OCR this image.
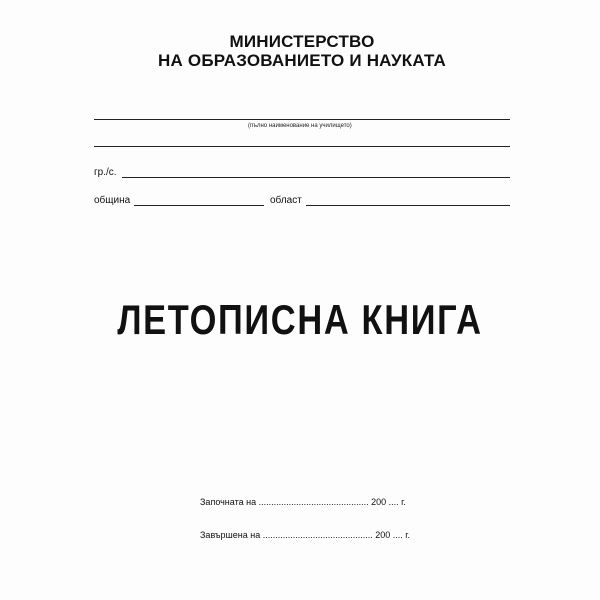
МИНИСТЕРСТВО
НА ОБРАЗОВАНИЕТО И НАУКАТА
(пълно наименование на училището)
гр./с.
община	област
ЛЕТОПИСНА КНИГА
Започната на ............................................ 200 .... г.
Завършена на ............................................ 200 .... г.
